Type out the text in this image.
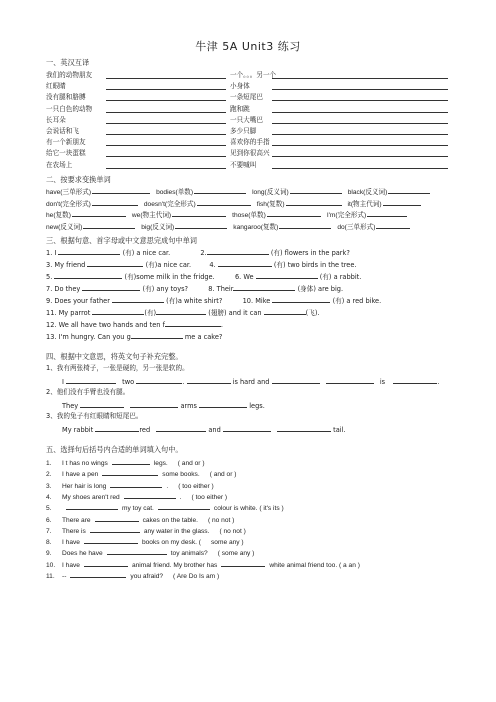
牛津 5A Unit3 练习
一、英汉互译
我们的动物朋友	一个。。。另一个
红眼睛	小身体
没有腿和胳膊	一条短尾巴
一只白色的动物	跑和跳
长耳朵	一只大嘴巴
会说话和飞	多少只脚
有一个新朋友	喜欢你的手指
给它一块蛋糕	见到你很高兴
在农场上	不要喊叫
二、按要求变换单词
have(三单形式)	bodies(单数)	long(反义词)	black(反义词)
don't(完全形式)	doesn't(完全形式)	fish(复数)	it(物主代词)
he(复数)	we(物主代词)	those(单数)	I'm(完全形式)
new(反义词)	big(反义词)	kangaroo(复数)	do(三单形式)
三、根据句意、首字母或中文意思完成句中单词
1. I	(有) a nice car.	2.	(有) flowers in the park?
3. My friend	(有)a nice car.	4.	(有) two birds in the tree.
5.	(有)some milk in the fridge.	6. We	(有) a rabbit.
7. Do they	(有) any toys?	8. Their	(身体) are big.
9. Does your father	(有)a white shirt?	10. Mike	(有) a red bike.
11. My parrot	(有)	(翅膀) and it can	(飞).
12. We all have two hands and ten f	.
13. I'm hungry. Can you g	me a cake?
四、根据中文意思，将英文句子补充完整。
1、我有两张椅子，一张是硬的，另一张是软的。
I	two	.	is hard and	is	.
2、他们没有手臂也没有腿。
They	arms	legs.
3、我的兔子有红眼睛和短尾巴。
My rabbit	red	and	tail.
五、选择句后括号内合适的单词填入句中。
1. I t has no wings	legs. ( and or )
2. I have a pen	some books. ( and or )
3. Her hair is long	. ( too either )
4. My shoes aren't red	. ( too either )
5.	my toy cat.	colour is white. ( it's its )
6. There are	cakes on the table. ( no not )
7. There is	any water in the glass. ( no not )
8. I have	books on my desk. ( some any )
9. Does he have	toy animals? ( some any )
10. I have	animal friend. My brother has	white animal friend too. ( a an )
11. --	you afraid? ( Are Do Is am )
